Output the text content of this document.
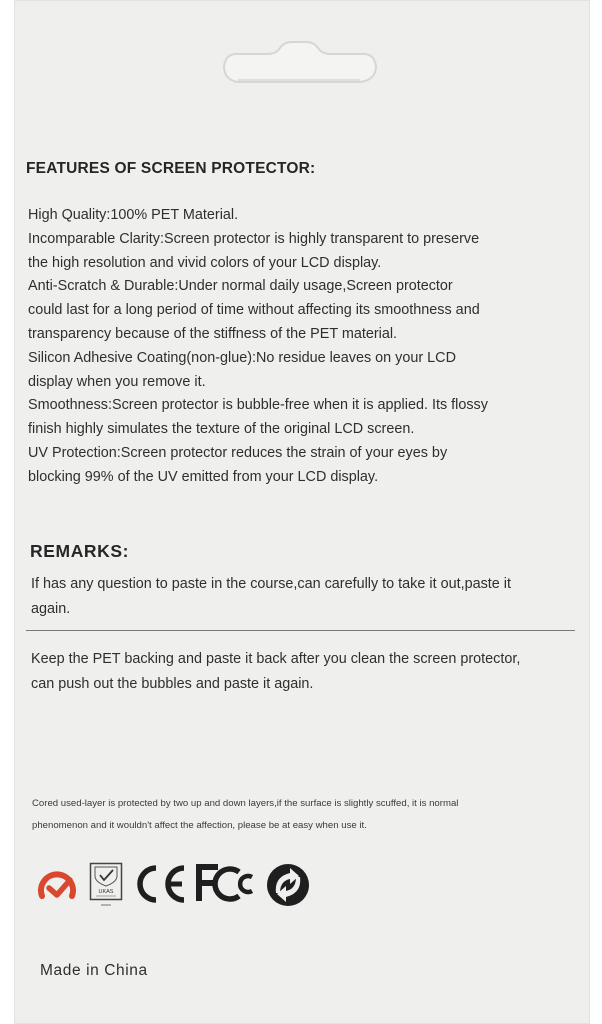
FEATURES OF SCREEN PROTECTOR:
High Quality:100% PET Material.
Incomparable Clarity:Screen protector is highly transparent to preserve
the high resolution and vivid colors of your LCD display.
Anti-Scratch & Durable:Under normal daily usage,Screen protector
could last for a long period of time without affecting its smoothness and
transparency because of the stiffness of the PET material.
Silicon Adhesive Coating(non-glue):No residue leaves on your LCD
display when you remove it.
Smoothness:Screen protector is bubble-free when it is applied. Its flossy
finish highly simulates the texture of the original LCD screen.
UV Protection:Screen protector reduces the strain of your eyes by
blocking 99% of the UV emitted from your LCD display.
REMARKS:
If has any question to paste in the course,can carefully to take it out,paste it
again.
Keep the PET backing and paste it back after you clean the screen protector,
can push out the bubbles and paste it again.
Cored used-layer is protected by two up and down layers,if the surface is slightly scuffed, it is normal
phenomenon and it wouldn't affect the affection, please be at easy when use it.
UKAS
Made in China
